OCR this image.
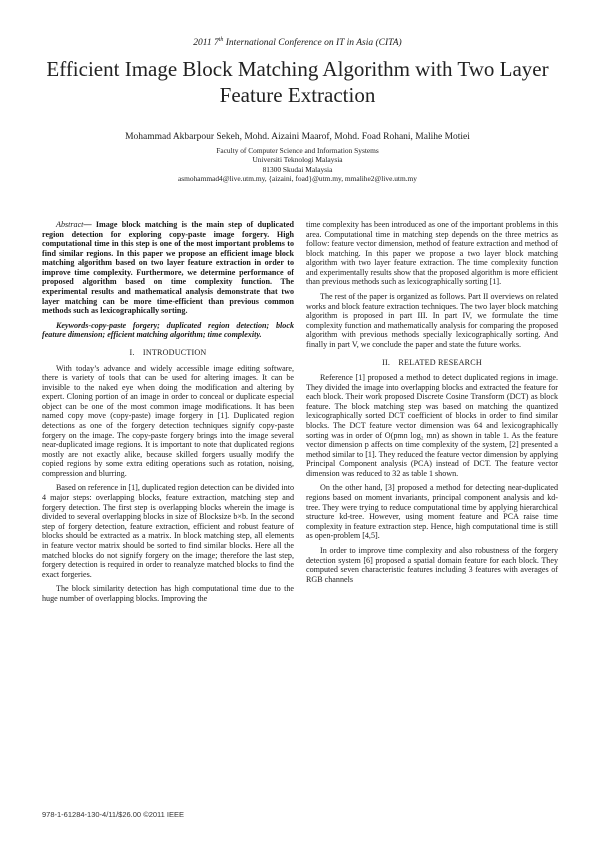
2011 7th International Conference on IT in Asia (CITA)
Efficient Image Block Matching Algorithm with Two Layer Feature Extraction
Mohammad Akbarpour Sekeh, Mohd. Aizaini Maarof, Mohd. Foad Rohani, Malihe Motiei
Faculty of Computer Science and Information Systems
Universiti Teknologi Malaysia
81300 Skudai Malaysia
asmohammad4@live.utm.my, {aizaini, foad}@utm.my, mmalihe2@live.utm.my

Abstract— Image block matching is the main step of duplicated region detection for exploring copy-paste image forgery. High computational time in this step is one of the most important problems to find similar regions. In this paper we propose an efficient image block matching algorithm based on two layer feature extraction in order to improve time complexity. Furthermore, we determine performance of proposed algorithm based on time complexity function. The experimental results and mathematical analysis demonstrate that two layer matching can be more time-efficient than previous common methods such as lexicographically sorting.

Keywords-copy-paste forgery; duplicated region detection; block feature dimension; efficient matching algorithm; time complexity.

I. INTRODUCTION

With today’s advance and widely accessible image editing software, there is variety of tools that can be used for altering images. It can be invisible to the naked eye when doing the modification and altering by expert. Cloning portion of an image in order to conceal or duplicate especial object can be one of the most common image modifications. It has been named copy move (copy-paste) image forgery in [1]. Duplicated region detections as one of the forgery detection techniques signify copy-paste forgery on the image. The copy-paste forgery brings into the image several near-duplicated image regions. It is important to note that duplicated regions mostly are not exactly alike, because skilled forgers usually modify the copied regions by some extra editing operations such as rotation, noising, compression and blurring.

Based on reference in [1], duplicated region detection can be divided into 4 major steps: overlapping blocks, feature extraction, matching step and forgery detection. The first step is overlapping blocks wherein the image is divided to several overlapping blocks in size of Blocksize b×b. In the second step of forgery detection, feature extraction, efficient and robust feature of blocks should be extracted as a matrix. In block matching step, all elements in feature vector matrix should be sorted to find similar blocks. Here all the matched blocks do not signify forgery on the image; therefore the last step, forgery detection is required in order to reanalyze matched blocks to find the exact forgeries.

The block similarity detection has high computational time due to the huge number of overlapping blocks. Improving the

time complexity has been introduced as one of the important problems in this area. Computational time in matching step depends on the three metrics as follow: feature vector dimension, method of feature extraction and method of block matching. In this paper we propose a two layer block matching algorithm with two layer feature extraction. The time complexity function and experimentally results show that the proposed algorithm is more efficient than previous methods such as lexicographically sorting [1].

The rest of the paper is organized as follows. Part II overviews on related works and block feature extraction techniques. The two layer block matching algorithm is proposed in part III. In part IV, we formulate the time complexity function and mathematically analysis for comparing the proposed algorithm with previous methods specially lexicographically sorting. And finally in part V, we conclude the paper and state the future works.

II. RELATED RESEARCH

Reference [1] proposed a method to detect duplicated regions in image. They divided the image into overlapping blocks and extracted the feature for each block. Their work proposed Discrete Cosine Transform (DCT) as block feature. The block matching step was based on matching the quantized lexicographically sorted DCT coefficient of blocks in order to find similar blocks. The DCT feature vector dimension was 64 and lexicographically sorting was in order of O(pmn log₂ mn) as shown in table 1. As the feature vector dimension p affects on time complexity of the system, [2] presented a method similar to [1]. They reduced the feature vector dimension by applying Principal Component analysis (PCA) instead of DCT. The feature vector dimension was reduced to 32 as table 1 shown.

On the other hand, [3] proposed a method for detecting near-duplicated regions based on moment invariants, principal component analysis and kd-tree. They were trying to reduce computational time by applying hierarchical structure kd-tree. However, using moment feature and PCA raise time complexity in feature extraction step. Hence, high computational time is still as open-problem [4,5].

In order to improve time complexity and also robustness of the forgery detection system [6] proposed a spatial domain feature for each block. They computed seven characteristic features including 3 features with averages of RGB channels

978-1-61284-130-4/11/$26.00 ©2011 IEEE
